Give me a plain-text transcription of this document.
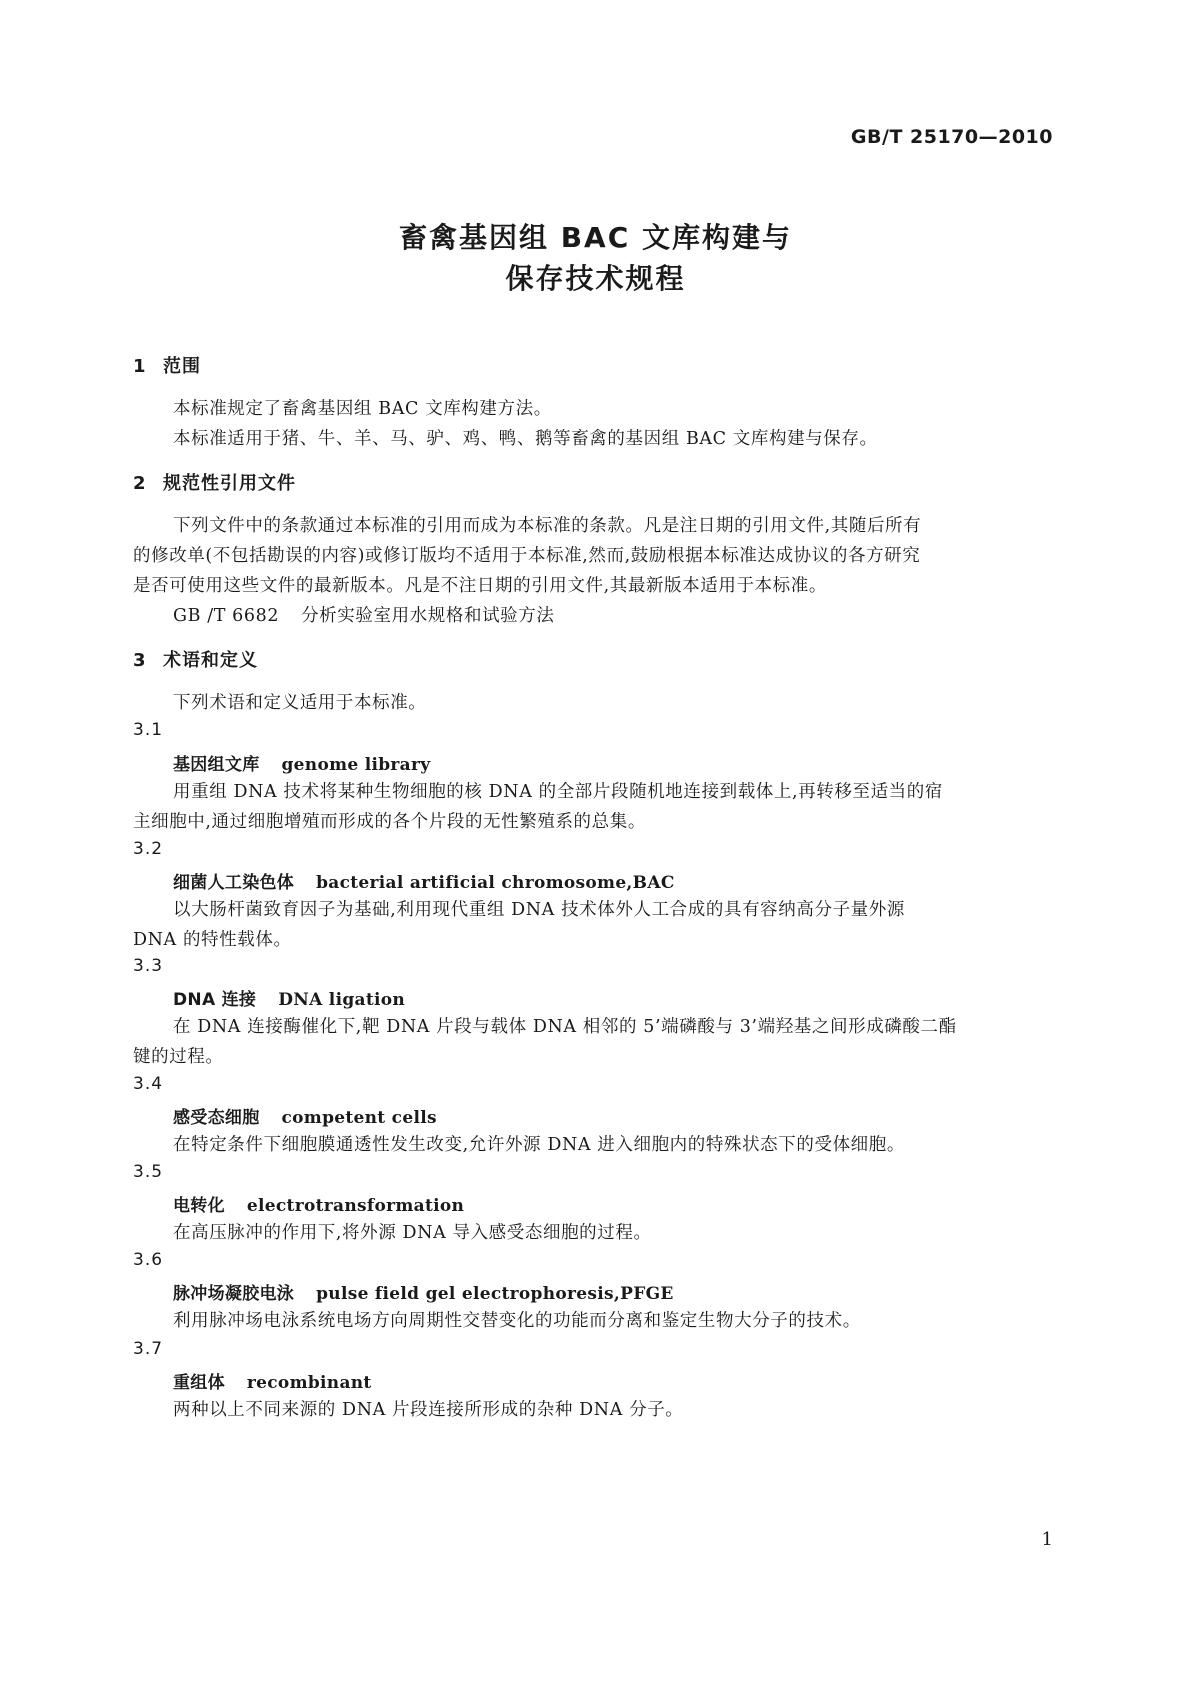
GB/T 25170—2010
畜禽基因组 BAC 文库构建与
保存技术规程
1 范围
本标准规定了畜禽基因组 BAC 文库构建方法。
本标准适用于猪、牛、羊、马、驴、鸡、鸭、鹅等畜禽的基因组 BAC 文库构建与保存。
2 规范性引用文件
下列文件中的条款通过本标准的引用而成为本标准的条款。凡是注日期的引用文件,其随后所有
的修改单(不包括勘误的内容)或修订版均不适用于本标准,然而,鼓励根据本标准达成协议的各方研究
是否可使用这些文件的最新版本。凡是不注日期的引用文件,其最新版本适用于本标准。
GB /T 6682 分析实验室用水规格和试验方法
3 术语和定义
下列术语和定义适用于本标准。
3.1
基因组文库 genome library
用重组 DNA 技术将某种生物细胞的核 DNA 的全部片段随机地连接到载体上,再转移至适当的宿
主细胞中,通过细胞增殖而形成的各个片段的无性繁殖系的总集。
3.2
细菌人工染色体 bacterial artificial chromosome,BAC
以大肠杆菌致育因子为基础,利用现代重组 DNA 技术体外人工合成的具有容纳高分子量外源
DNA 的特性载体。
3.3
DNA 连接 DNA ligation
在 DNA 连接酶催化下,靶 DNA 片段与载体 DNA 相邻的 5’端磷酸与 3’端羟基之间形成磷酸二酯
键的过程。
3.4
感受态细胞 competent cells
在特定条件下细胞膜通透性发生改变,允许外源 DNA 进入细胞内的特殊状态下的受体细胞。
3.5
电转化 electrotransformation
在高压脉冲的作用下,将外源 DNA 导入感受态细胞的过程。
3.6
脉冲场凝胶电泳 pulse field gel electrophoresis,PFGE
利用脉冲场电泳系统电场方向周期性交替变化的功能而分离和鉴定生物大分子的技术。
3.7
重组体 recombinant
两种以上不同来源的 DNA 片段连接所形成的杂种 DNA 分子。
1
